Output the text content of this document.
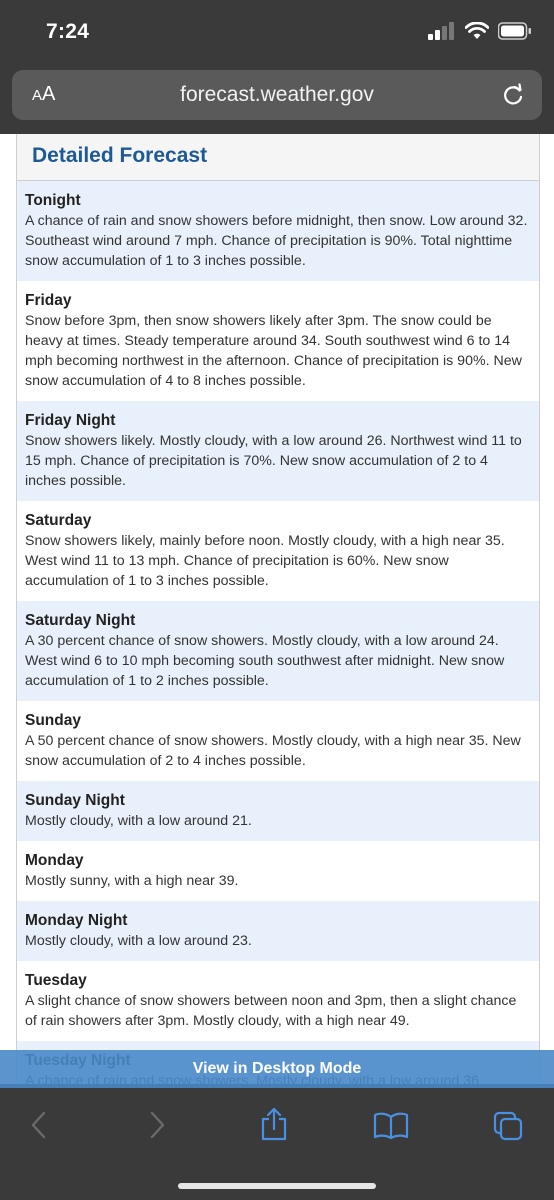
7:24
AA	forecast.weather.gov
Detailed Forecast
Tonight
A chance of rain and snow showers before midnight, then snow. Low around 32. Southeast wind around 7 mph. Chance of precipitation is 90%. Total nighttime snow accumulation of 1 to 3 inches possible.
Friday
Snow before 3pm, then snow showers likely after 3pm. The snow could be heavy at times. Steady temperature around 34. South southwest wind 6 to 14 mph becoming northwest in the afternoon. Chance of precipitation is 90%. New snow accumulation of 4 to 8 inches possible.
Friday Night
Snow showers likely. Mostly cloudy, with a low around 26. Northwest wind 11 to 15 mph. Chance of precipitation is 70%. New snow accumulation of 2 to 4 inches possible.
Saturday
Snow showers likely, mainly before noon. Mostly cloudy, with a high near 35. West wind 11 to 13 mph. Chance of precipitation is 60%. New snow accumulation of 1 to 3 inches possible.
Saturday Night
A 30 percent chance of snow showers. Mostly cloudy, with a low around 24. West wind 6 to 10 mph becoming south southwest after midnight. New snow accumulation of 1 to 2 inches possible.
Sunday
A 50 percent chance of snow showers. Mostly cloudy, with a high near 35. New snow accumulation of 2 to 4 inches possible.
Sunday Night
Mostly cloudy, with a low around 21.
Monday
Mostly sunny, with a high near 39.
Monday Night
Mostly cloudy, with a low around 23.
Tuesday
A slight chance of snow showers between noon and 3pm, then a slight chance of rain showers after 3pm. Mostly cloudy, with a high near 49.
View in Desktop Mode
